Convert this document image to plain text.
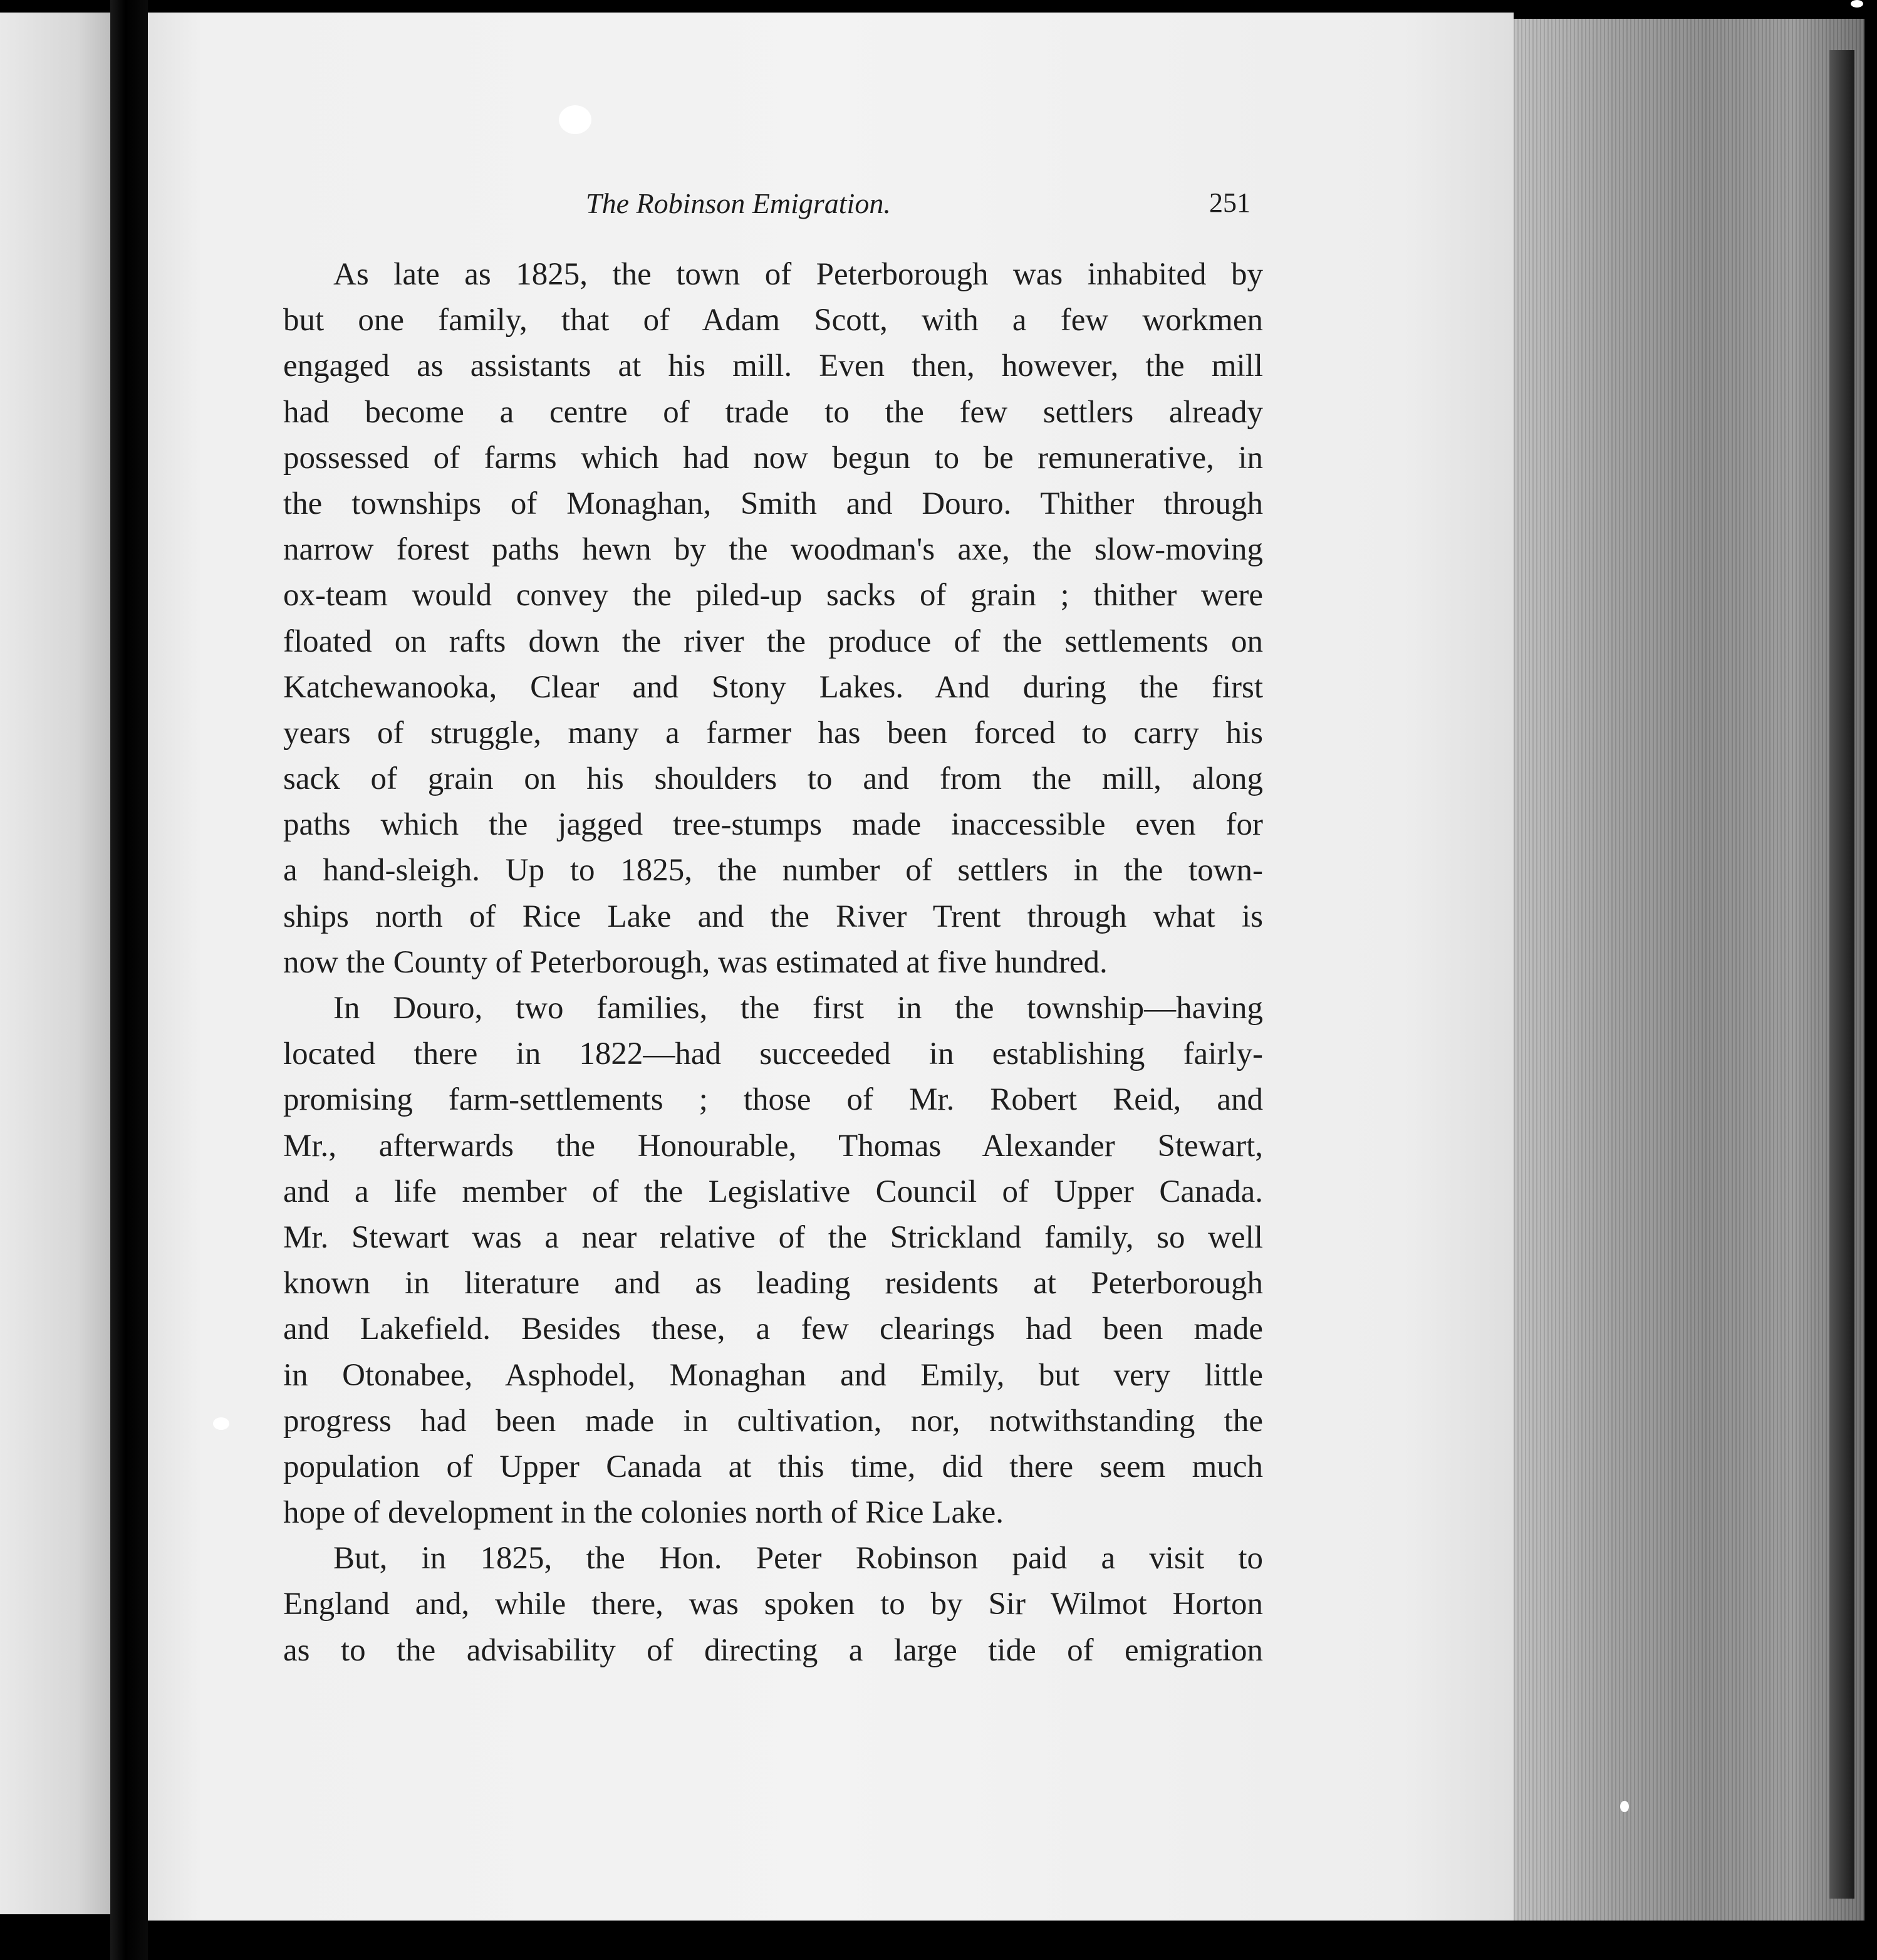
The Robinson Emigration.	251
As late as 1825, the town of Peterborough was inhabited by
but one family, that of Adam Scott, with a few workmen
engaged as assistants at his mill. Even then, however, the mill
had become a centre of trade to the few settlers already
possessed of farms which had now begun to be remunerative, in
the townships of Monaghan, Smith and Douro. Thither through
narrow forest paths hewn by the woodman's axe, the slow-moving
ox-team would convey the piled-up sacks of grain ; thither were
floated on rafts down the river the produce of the settlements on
Katchewanooka, Clear and Stony Lakes. And during the first
years of struggle, many a farmer has been forced to carry his
sack of grain on his shoulders to and from the mill, along
paths which the jagged tree-stumps made inaccessible even for
a hand-sleigh. Up to 1825, the number of settlers in the town-
ships north of Rice Lake and the River Trent through what is
now the County of Peterborough, was estimated at five hundred.
In Douro, two families, the first in the township—having
located there in 1822—had succeeded in establishing fairly-
promising farm-settlements ; those of Mr. Robert Reid, and
Mr., afterwards the Honourable, Thomas Alexander Stewart,
and a life member of the Legislative Council of Upper Canada.
Mr. Stewart was a near relative of the Strickland family, so well
known in literature and as leading residents at Peterborough
and Lakefield. Besides these, a few clearings had been made
in Otonabee, Asphodel, Monaghan and Emily, but very little
progress had been made in cultivation, nor, notwithstanding the
population of Upper Canada at this time, did there seem much
hope of development in the colonies north of Rice Lake.
But, in 1825, the Hon. Peter Robinson paid a visit to
England and, while there, was spoken to by Sir Wilmot Horton
as to the advisability of directing a large tide of emigration
